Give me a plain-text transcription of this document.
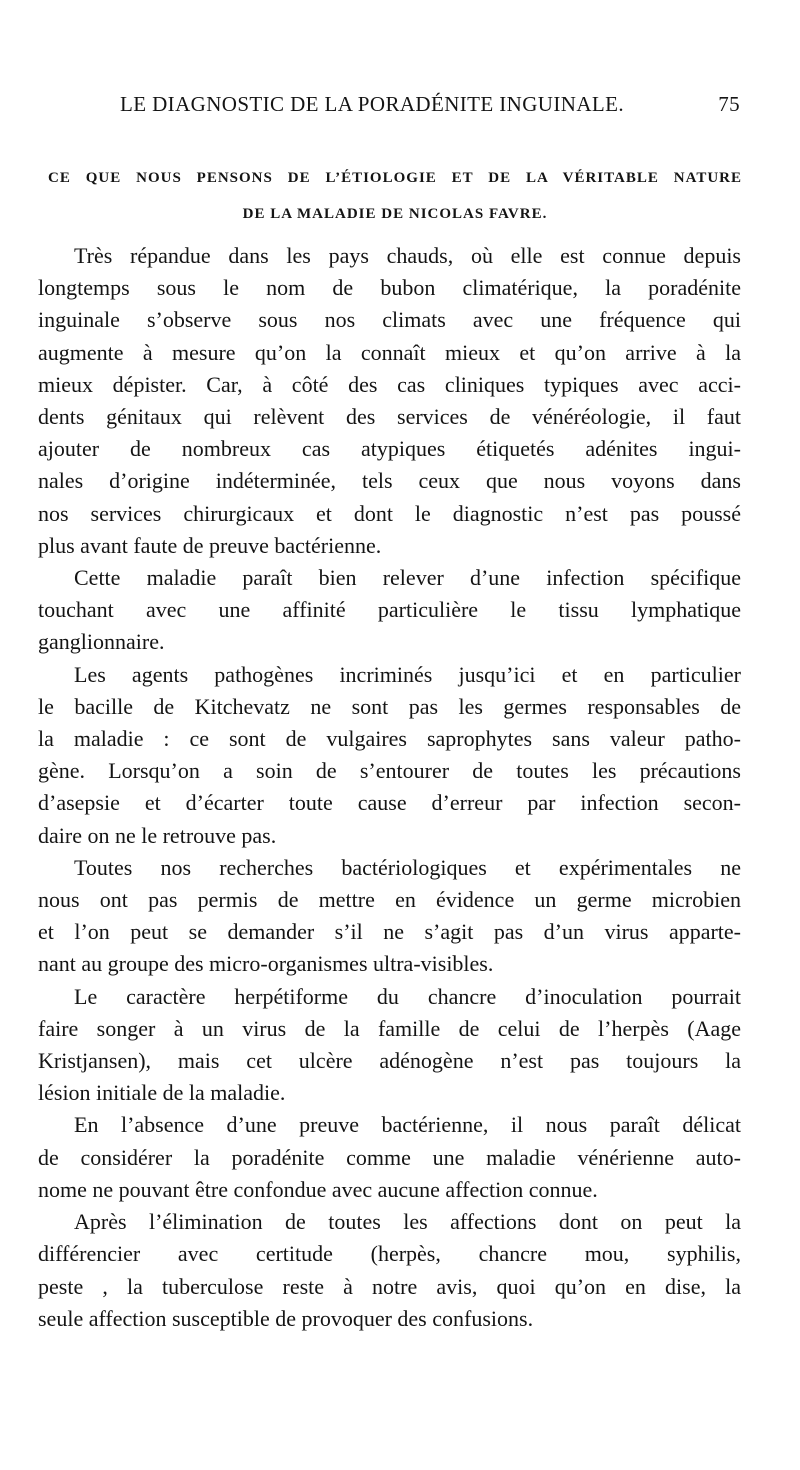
LE DIAGNOSTIC DE LA PORADÉNITE INGUINALE.	75
CE QUE NOUS PENSONS DE L’ÉTIOLOGIE ET DE LA VÉRITABLE NATURE
DE LA MALADIE DE NICOLAS FAVRE.
Très répandue dans les pays chauds, où elle est connue depuis
longtemps sous le nom de bubon climatérique, la poradénite
inguinale s’observe sous nos climats avec une fréquence qui
augmente à mesure qu’on la connaît mieux et qu’on arrive à la
mieux dépister. Car, à côté des cas cliniques typiques avec acci-
dents génitaux qui relèvent des services de vénéréologie, il faut
ajouter de nombreux cas atypiques étiquetés adénites ingui-
nales d’origine indéterminée, tels ceux que nous voyons dans
nos services chirurgicaux et dont le diagnostic n’est pas poussé
plus avant faute de preuve bactérienne.
Cette maladie paraît bien relever d’une infection spécifique
touchant avec une affinité particulière le tissu lymphatique
ganglionnaire.
Les agents pathogènes incriminés jusqu’ici et en particulier
le bacille de Kitchevatz ne sont pas les germes responsables de
la maladie : ce sont de vulgaires saprophytes sans valeur patho-
gène. Lorsqu’on a soin de s’entourer de toutes les précautions
d’asepsie et d’écarter toute cause d’erreur par infection secon-
daire on ne le retrouve pas.
Toutes nos recherches bactériologiques et expérimentales ne
nous ont pas permis de mettre en évidence un germe microbien
et l’on peut se demander s’il ne s’agit pas d’un virus apparte-
nant au groupe des micro-organismes ultra-visibles.
Le caractère herpétiforme du chancre d’inoculation pourrait
faire songer à un virus de la famille de celui de l’herpès (Aage
Kristjansen), mais cet ulcère adénogène n’est pas toujours la
lésion initiale de la maladie.
En l’absence d’une preuve bactérienne, il nous paraît délicat
de considérer la poradénite comme une maladie vénérienne auto-
nome ne pouvant être confondue avec aucune affection connue.
Après l’élimination de toutes les affections dont on peut la
différencier avec certitude (herpès, chancre mou, syphilis,
peste , la tuberculose reste à notre avis, quoi qu’on en dise, la
seule affection susceptible de provoquer des confusions.
